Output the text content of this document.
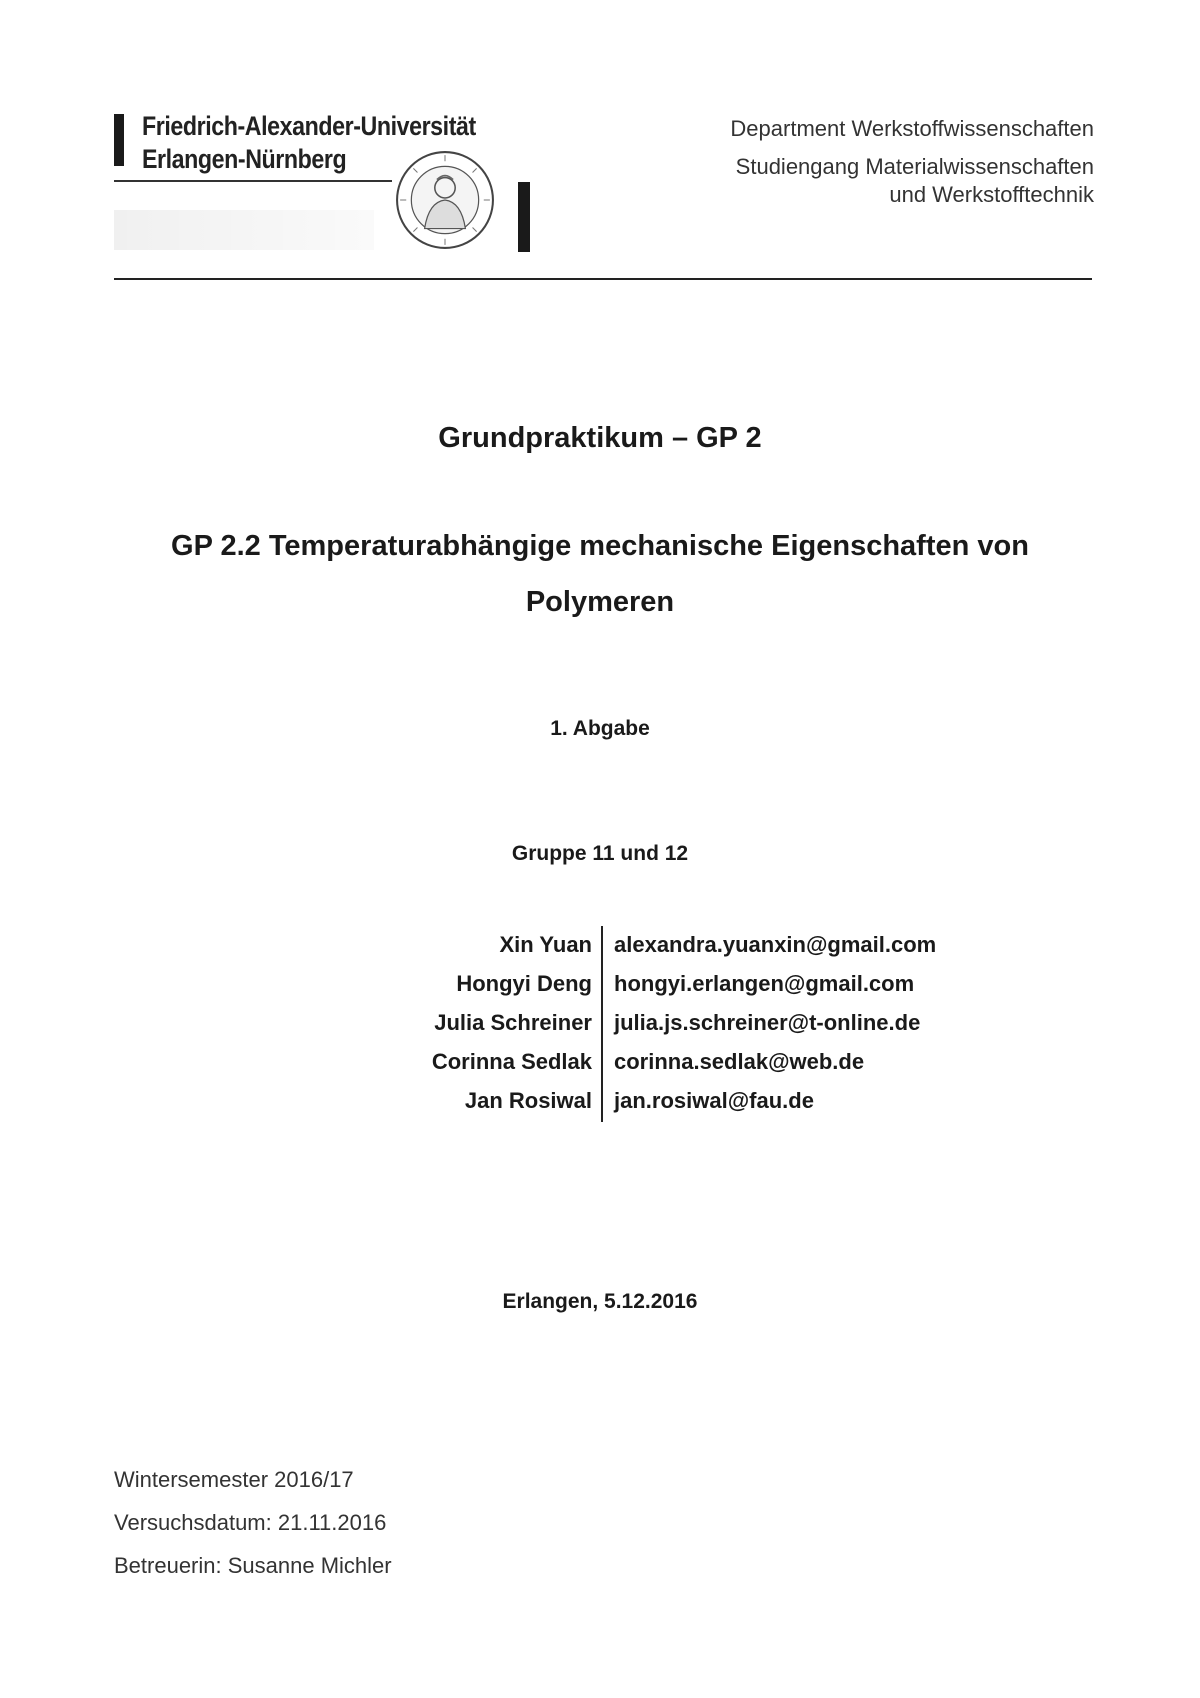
Friedrich-Alexander-Universität
Erlangen-Nürnberg
Department Werkstoffwissenschaften
Studiengang Materialwissenschaften
und Werkstofftechnik
Grundpraktikum – GP 2
GP 2.2 Temperaturabhängige mechanische Eigenschaften von Polymeren
1. Abgabe
Gruppe 11 und 12
Xin Yuan alexandra.yuanxin@gmail.com
Hongyi Deng hongyi.erlangen@gmail.com
Julia Schreiner julia.js.schreiner@t-online.de
Corinna Sedlak corinna.sedlak@web.de
Jan Rosiwal jan.rosiwal@fau.de
Erlangen, 5.12.2016
Wintersemester 2016/17
Versuchsdatum: 21.11.2016
Betreuerin: Susanne Michler
